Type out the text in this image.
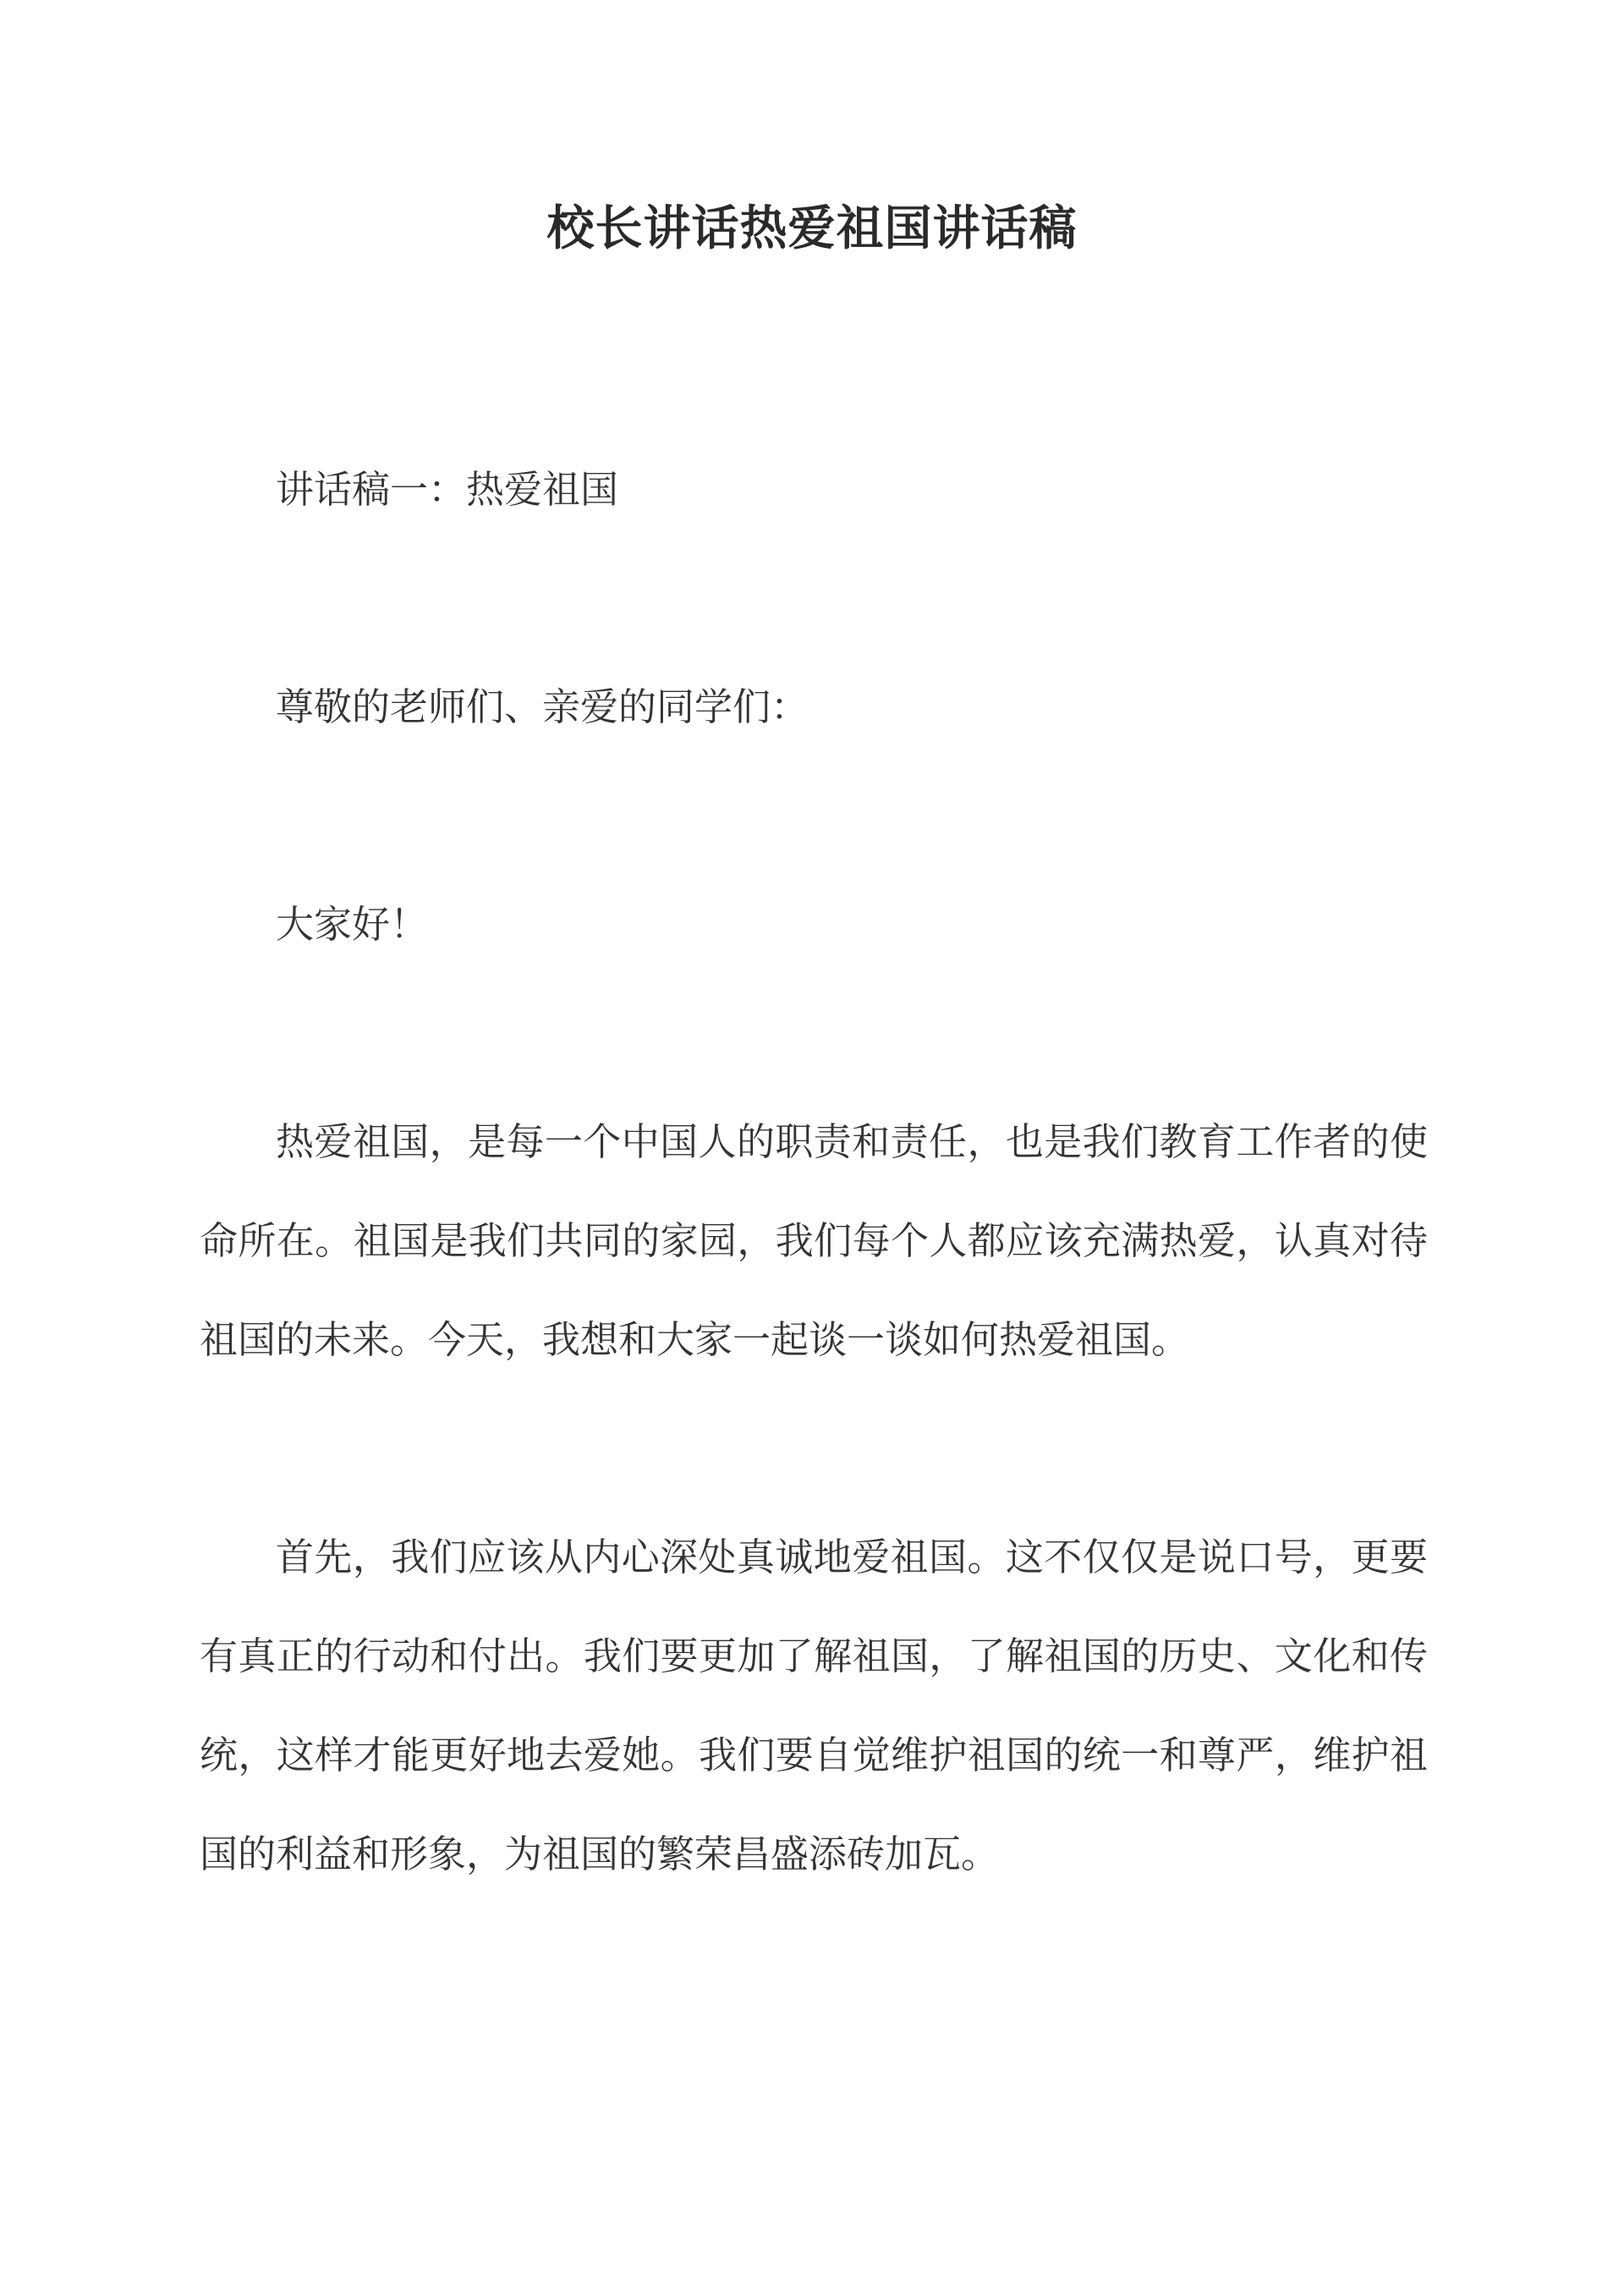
校长讲话热爱祖国讲话稿

讲话稿一：热爱祖国

尊敬的老师们、亲爱的同学们：

大家好！

热爱祖国，是每一个中国人的职责和责任，也是我们教育工作者的使命所在。祖国是我们共同的家园，我们每个人都应该充满热爱，认真对待祖国的未来。今天，我想和大家一起谈一谈如何热爱祖国。

首先，我们应该从内心深处真诚地爱祖国。这不仅仅是说口号，更要有真正的行动和付出。我们要更加了解祖国，了解祖国的历史、文化和传统，这样才能更好地去爱她。我们要自觉维护祖国的统一和尊严，维护祖国的利益和形象，为祖国的繁荣昌盛添砖加瓦。
